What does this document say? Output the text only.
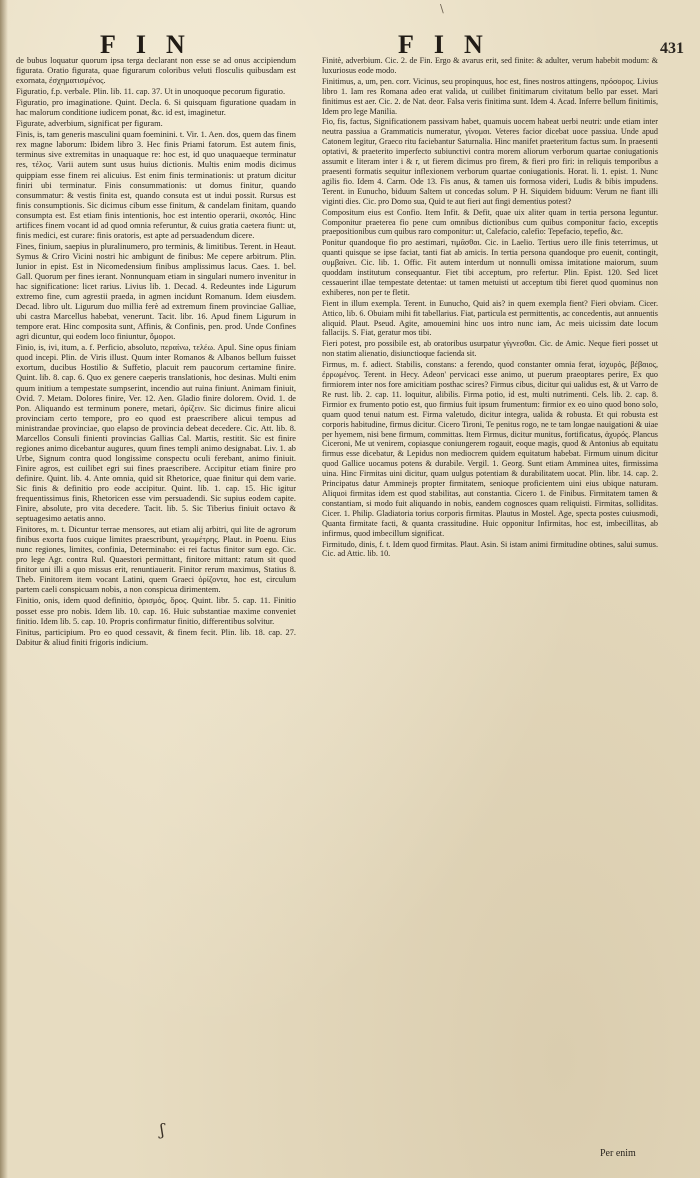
\
FIN	FIN	431

de bubus loquatur quorum ipsa terga declarant non esse se ad onus accipiendum figurata. Oratio figurata, quae figurarum coloribus veluti flosculis quibusdam est exornata, ἐσχηματισμένος.

Figuratio, f.p. verbale. Plin. lib. 11. cap. 37. Ut in unoquoque pecorum figuratio.

Figuratio, pro imaginatione. Quint. Decla. 6. Si quisquam figuratione quadam in hac malorum conditione iudicem ponat, &c. id est, imaginetur.

Figurate, adverbium, significat per figuram.

Finis, is, tam generis masculini quam foeminini. t. Vir. 1. Aen. dos, quem das finem rex magne laborum: Ibidem libro 3. Hec finis Priami fatorum. Est autem finis, terminus sive extremitas in unaquaque re: hoc est, id quo unaquaeque terminatur res, τέλος. Varii autem sunt usus huius dictionis. Multis enim modis dicimus quippiam esse finem rei alicuius. Est enim finis terminationis: ut pratum dicitur finiri ubi terminatur. Finis consummationis: ut domus finitur, quando consummatur: & vestis finita est, quando consuta est ut indui possit. Rursus est finis consumptionis. Sic dicimus cibum esse finitum, & candelam finitam, quando consumpta est. Est etiam finis intentionis, hoc est intentio operarii, σκοπός. Hinc artifices finem vocant id ad quod omnia referuntur, & cuius gratia caetera fiunt: ut, finis medici, est curare: finis oratoris, est apte ad persuadendum dicere.

Fines, finium, saepius in pluralinumero, pro terminis, & limitibus. Terent. in Heaut. Symus & Criro Vicini nostri hic ambigunt de finibus: Me cepere arbitrum. Plin. Iunior in epist. Est in Nicomedensium finibus amplissimus lacus. Caes. 1. bel. Gall. Quorum per fines ierant. Nonnunquam etiam in singulari numero invenitur in hac significatione: licet rarius. Livius lib. 1. Decad. 4. Redeuntes inde Ligurum extremo fine, cum agrestii praeda, in agmen incidunt Romanum. Idem eiusdem. Decad. libro ult. Ligurum duo millia ferè ad extremum finem provinciae Galliae, ubi castra Marcellus habebat, venerunt. Tacit. libr. 16. Apud finem Ligurum in tempore erat. Hinc composita sunt, Affinis, & Confinis, pen. prod. Unde Confines agri dicuntur, qui eodem loco finiuntur, ὅμοροι.

Finio, is, ivi, itum, a. f. Perficio, absoluto, περαίνω, τελέω. Apul. Sine opus finiam quod incepi. Plin. de Viris illust. Quum inter Romanos & Albanos bellum fuisset exortum, ducibus Hostilio & Suffetio, placuit rem paucorum certamine finire. Quint. lib. 8. cap. 6. Quo ex genere caeperis translationis, hoc desinas. Multi enim quum initium a tempestate sumpserint, incendio aut ruina finiunt. Animam finiuit, Ovid. 7. Metam. Dolores finire, Ver. 12. Aen. Gladio finire dolorem. Ovid. 1. de Pon. Aliquando est terminum ponere, metari, ὁρίζειν. Sic dicimus finire alicui provinciam certo tempore, pro eo quod est praescribere alicui tempus ad ministrandae provinciae, quo elapso de provincia debeat decedere. Cic. Att. lib. 8. Marcellos Consuli finienti provincias Gallias Cal. Martis, restitit. Sic est finire regiones animo dicebantur augures, quum fines templi animo designabat. Liv. 1. ab Urbe, Signum contra quod longissime conspectu oculi ferebant, animo finiuit. Finire agros, est cuilibet egri sui fines praescribere. Accipitur etiam finire pro definire. Quint. lib. 4. Ante omnia, quid sit Rhetorice, quae finitur qui dem varie. Sic finis & definitio pro eode accipitur. Quint. lib. 1. cap. 15. Hic igitur frequentissimus finis, Rhetoricen esse vim persuadendi. Sic supius eodem capite. Finire, absolute, pro vita decedere. Tacit. lib. 5. Sic Tiberius finiuit octavo & septuagesimo aetatis anno.

Finitores, m. t. Dicuntur terrae mensores, aut etiam alij arbitri, qui lite de agrorum finibus exorta fuos cuique limites praescribunt, γεωμέτρης. Plaut. in Poenu. Eius nunc regiones, limites, confinia, Determinabo: ei rei factus finitor sum ego. Cic. pro lege Agr. contra Rul. Quaestori permittant, finitore mittant: ratum sit quod finitor uni illi a quo missus erit, renuntiauerit. Finitor rerum maximus, Statius 8. Theb. Finitorem item vocant Latini, quem Graeci ὁρίζοντα, hoc est, circulum partem caeli conspicuam nobis, a non conspicua dirimentem.

Finitio, onis, idem quod definitio, ὁρισμός, ὅρος. Quint. libr. 5. cap. 11. Finitio posset esse pro nobis. Idem lib. 10. cap. 16. Huic substantiae maxime conveniet finitio. Idem lib. 5. cap. 10. Propris confirmatur finitio, differentibus solvitur.

Finitus, participium. Pro eo quod cessavit, & finem fecit. Plin. lib. 18. cap. 27. Dabitur & aliud finiti frigoris indicium.

Finitè, adverbium. Cic. 2. de Fin. Ergo & avarus erit, sed finite: & adulter, verum habebit modum: & luxuriosus eode modo.

Finitimus, a, um, pen. corr. Vicinus, seu propinquus, hoc est, fines nostros attingens, πρόσορος. Livius libro 1. Iam res Romana adeo erat valida, ut cuilibet finitimarum civitatum bello par esset. Mari finitimus est aer. Cic. 2. de Nat. deor. Falsa veris finitima sunt. Idem 4. Acad. Inferre bellum finitimis, Idem pro lege Manilia.

Fio, fis, factus, Significationem passivam habet, quamuis uocem habeat uerbi neutri: unde etiam inter neutra passiua a Grammaticis numeratur, γίνομαι. Veteres facior dicebat uoce passiua. Unde apud Catonem legitur, Graeco ritu faciebantur Saturnalia. Hinc manifet praeteritum factus sum. In praesenti optativi, & praeterito imperfecto subiunctivi contra morem aliorum verborum quartae coniugationis assumit e literam inter i & r, ut fierem dicimus pro firem, & fieri pro firi: in reliquis temporibus a praesenti formatis sequitur inflexionem verborum quartae coniugationis. Horat. li. 1. epist. 1. Nunc agilis fio. Idem 4. Carm. Ode 13. Fis anus, & tamen uis formosa videri, Ludis & bibis impudens. Terent. in Eunucho, biduum Saltem ut concedas solum. P H. Siquidem biduum: Verum ne fiant illi viginti dies. Cic. pro Domo sua, Quid te aut fieri aut fingi dementius potest?

Compositum eius est Confio. Item Infit. & Defit, quae uix aliter quam in tertia persona leguntur. Componitur praeterea fio pene cum omnibus dictionibus cum quibus componitur facio, exceptis praepositionibus cum quibus raro componitur: ut, Calefacio, calefio: Tepefacio, tepefio, &c.

Ponitur quandoque fio pro aestimari, τιμᾶσθαι. Cic. in Laelio. Tertius uero ille finis teterrimus, ut quanti quisque se ipse faciat, tanti fiat ab amicis. In tertia persona quandoque pro euenit, contingit, συμβαίνει. Cic. lib. 1. Offic. Fit autem interdum ut nonnulli omissa imitatione maiorum, suum quoddam institutum consequantur. Fiet tibi acceptum, pro refertur. Plin. Epist. 120. Sed licet cessauerint illae tempestate detentae: ut tamen metuisti ut acceptum tibi fieret quod quominus non exhiberes, non per te fletit.

Fient in illum exempla. Terent. in Eunucho, Quid ais? in quem exempla fient? Fieri obviam. Cicer. Attico, lib. 6. Obuiam mihi fit tabellarius. Fiat, particula est permittentis, ac concedentis, aut annuentis aliquid. Plaut. Pseud. Agite, amouemini hinc uos intro nunc iam, Ac meis uicissim date locum fallacijs. S. Fiat, geratur mos tibi.

Fieri potest, pro possibile est, ab oratoribus usurpatur γίγνεσθαι. Cic. de Amic. Neque fieri posset ut non statim alienatio, disiunctioque facienda sit.

Firmus, m. f. adiect. Stabilis, constans: a ferendo, quod constanter omnia ferat, ἰσχυρός, βέβαιος, ἐρρωμένος. Terent. in Hecy. Adeon' pervicaci esse animo, ut puerum praeoptares perire, Ex quo firmiorem inter nos fore amicitiam posthac scires? Firmus cibus, dicitur qui ualidus est, & ut Varro de Re rust. lib. 2. cap. 11. loquitur, alibilis. Firma potio, id est, multi nutrimenti. Cels. lib. 2. cap. 8. Firmior ex frumento potio est, quo firmius fuit ipsum frumentum: firmior ex eo uino quod bono solo, quam quod tenui natum est. Firma valetudo, dicitur integra, ualida & robusta. Et qui robusta est corporis habitudine, firmus dicitur. Cicero Tironi, Te penitus rogo, ne te tam longae nauigationi & uiae per hyemem, nisi bene firmum, committas. Item Firmus, dicitur munitus, fortificatus, ἀχυρός. Plancus Ciceroni, Me ut venirem, copiasque coniungerem rogauit, eoque magis, quod & Antonius ab equitatu firmus esse dicebatur, & Lepidus non mediocrem quidem equitatum habebat. Firmum uinum dicitur quod Gallice uocamus potens & durabile. Vergil. 1. Georg. Sunt etiam Amminea uites, firmissima uina. Hinc Firmitas uini dicitur, quam uulgus potentiam & durabilitatem uocat. Plin. libr. 14. cap. 2. Principatus datur Amminejs propter firmitatem, senioque proficientem uini eius ubique naturam. Aliquoi firmitas idem est quod stabilitas, aut constantia. Cicero 1. de Finibus. Firmitatem tamen & constantiam, si modo fuit aliquando in nobis, eandem cognosces quam reliquisti. Firmitas, solliditas. Cicer. 1. Philip. Gladiatoria torius corporis firmitas. Plautus in Mostel. Age, specta postes cuiusmodi, Quanta firmitate facti, & quanta crassitudine. Huic opponitur Infirmitas, hoc est, imbecillitas, ab infirmus, quod imbecillum significat.

Firmitudo, dinis, f. t. Idem quod firmitas. Plaut. Asin. Si istam animi firmitudine obtines, salui sumus. Cic. ad Attic. lib. 10.

ʃ
Per enim
